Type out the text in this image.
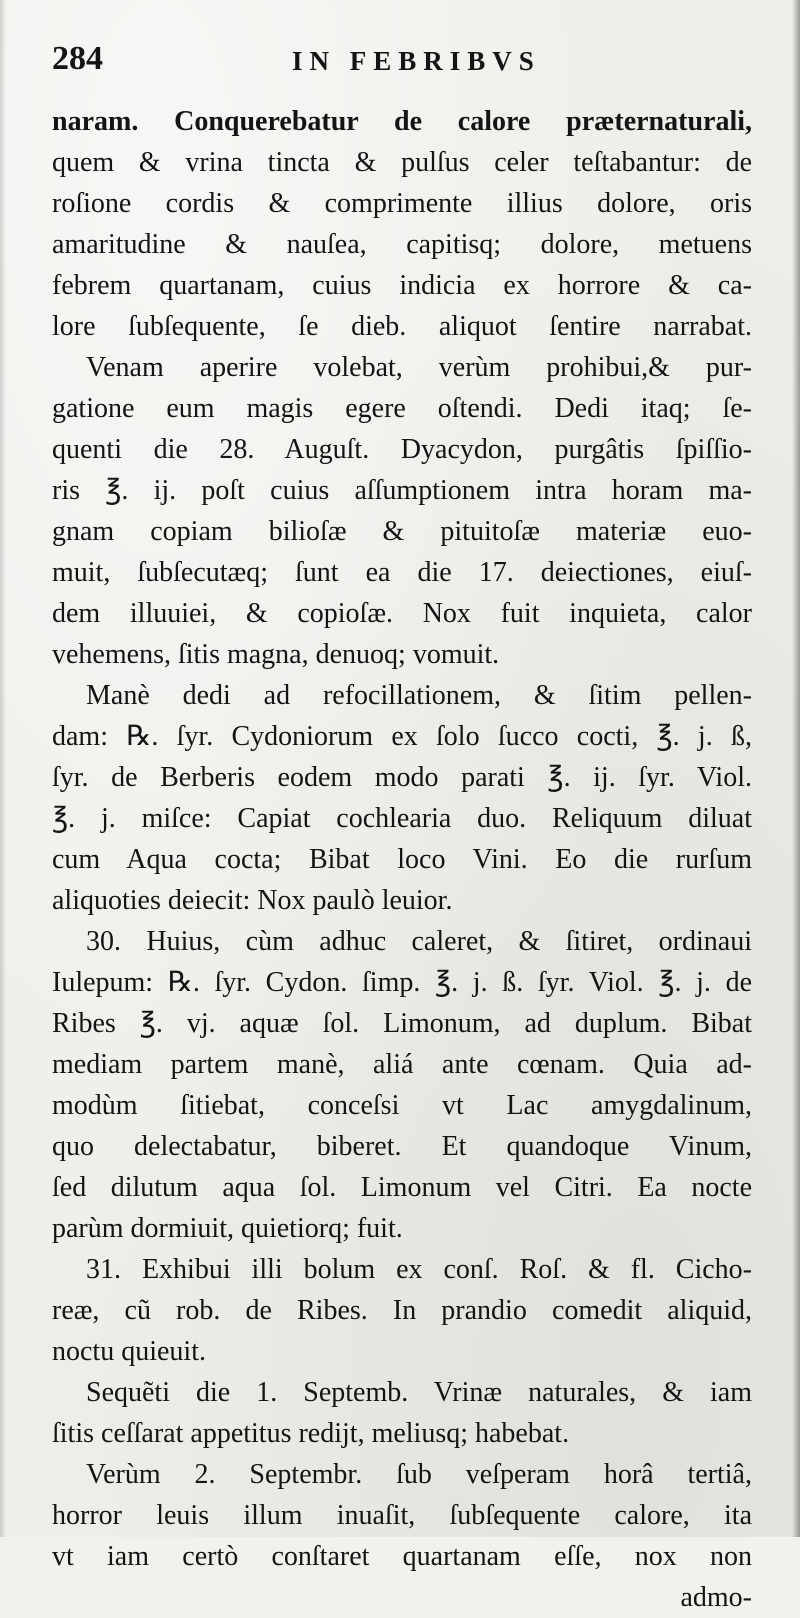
284	IN FEBRIBVS
naram. Conquerebatur de calore præternaturali,
quem & vrina tincta & pulſus celer teſtabantur: de
roſione cordis & comprimente illius dolore, oris
amaritudine & nauſea, capitisq; dolore, metuens
febrem quartanam, cuius indicia ex horrore & ca-
lore ſubſequente, ſe dieb. aliquot ſentire narrabat.
Venam aperire volebat, verùm prohibui,& pur-
gatione eum magis egere oſtendi. Dedi itaq; ſe-
quenti die 28. Auguſt. Dyacydon, purgâtis ſpiſſio-
ris ℥. ij. poſt cuius aſſumptionem intra horam ma-
gnam copiam bilioſæ & pituitoſæ materiæ euo-
muit, ſubſecutæq; ſunt ea die 17. deiectiones, eiuſ-
dem illuuiei, & copioſæ. Nox fuit inquieta, calor
vehemens, ſitis magna, denuoq; vomuit.
Manè dedi ad refocillationem, & ſitim pellen-
dam: ℞. ſyr. Cydoniorum ex ſolo ſucco cocti, ℥. j. ß,
ſyr. de Berberis eodem modo parati ℥. ij. ſyr. Viol.
℥. j. miſce: Capiat cochlearia duo. Reliquum diluat
cum Aqua cocta; Bibat loco Vini. Eo die rurſum
aliquoties deiecit: Nox paulò leuior.
30. Huius, cùm adhuc caleret, & ſitiret, ordinaui
Iulepum: ℞. ſyr. Cydon. ſimp. ℥. j. ß. ſyr. Viol. ℥. j. de
Ribes ℥. vj. aquæ ſol. Limonum, ad duplum. Bibat
mediam partem manè, aliá ante cœnam. Quia ad-
modùm ſitiebat, conceſsi vt Lac amygdalinum,
quo delectabatur, biberet. Et quandoque Vinum,
ſed dilutum aqua ſol. Limonum vel Citri. Ea nocte
parùm dormiuit, quietiorq; fuit.
31. Exhibui illi bolum ex conſ. Roſ. & fl. Cicho-
reæ, cũ rob. de Ribes. In prandio comedit aliquid,
noctu quieuit.
Sequẽti die 1. Septemb. Vrinæ naturales, & iam
ſitis ceſſarat appetitus redijt, meliusq; habebat.
Verùm 2. Septembr. ſub veſperam horâ tertiâ,
horror leuis illum inuaſit, ſubſequente calore, ita
vt iam certò conſtaret quartanam eſſe, nox non
admo-
